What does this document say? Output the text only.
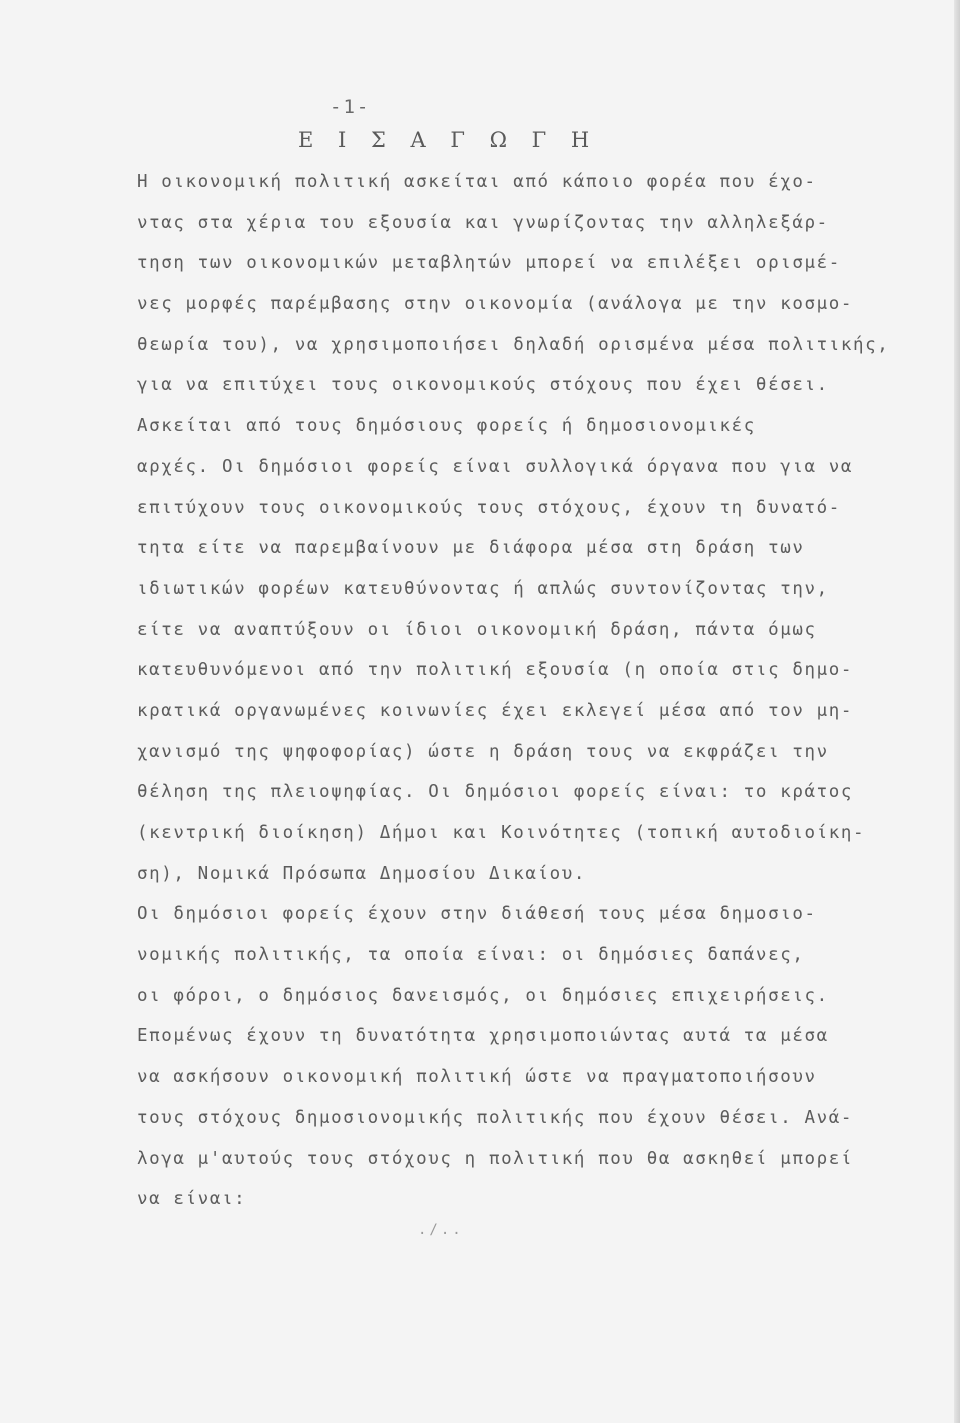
-1-
Ε Ι Σ Α Γ Ω Γ Η
Η οικονομική πολιτική ασκείται από κάποιο φορέα που έχο-
ντας στα χέρια του εξουσία και γνωρίζοντας την αλληλεξάρ-
τηση των οικονομικών μεταβλητών μπορεί να επιλέξει ορισμέ-
νες μορφές παρέμβασης στην οικονομία (ανάλογα με την κοσμο-
θεωρία του), να χρησιμοποιήσει δηλαδή ορισμένα μέσα πολιτικής,
για να επιτύχει τους οικονομικούς στόχους που έχει θέσει.
Ασκείται από τους δημόσιους φορείς ή δημοσιονομικές
αρχές. Οι δημόσιοι φορείς είναι συλλογικά όργανα που για να
επιτύχουν τους οικονομικούς τους στόχους, έχουν τη δυνατό-
τητα είτε να παρεμβαίνουν με διάφορα μέσα στη δράση των
ιδιωτικών φορέων κατευθύνοντας ή απλώς συντονίζοντας την,
είτε να αναπτύξουν οι ίδιοι οικονομική δράση, πάντα όμως
κατευθυνόμενοι από την πολιτική εξουσία (η οποία στις δημο-
κρατικά οργανωμένες κοινωνίες έχει εκλεγεί μέσα από τον μη-
χανισμό της ψηφοφορίας) ώστε η δράση τους να εκφράζει την
θέληση της πλειοψηφίας. Οι δημόσιοι φορείς είναι: το κράτος
(κεντρική διοίκηση) Δήμοι και Κοινότητες (τοπική αυτοδιοίκη-
ση), Νομικά Πρόσωπα Δημοσίου Δικαίου.
Οι δημόσιοι φορείς έχουν στην διάθεσή τους μέσα δημοσιο-
νομικής πολιτικής, τα οποία είναι: οι δημόσιες δαπάνες,
οι φόροι, ο δημόσιος δανεισμός, οι δημόσιες επιχειρήσεις.
Επομένως έχουν τη δυνατότητα χρησιμοποιώντας αυτά τα μέσα
να ασκήσουν οικονομική πολιτική ώστε να πραγματοποιήσουν
τους στόχους δημοσιονομικής πολιτικής που έχουν θέσει. Ανά-
λογα μ'αυτούς τους στόχους η πολιτική που θα ασκηθεί μπορεί
να είναι:
./..
